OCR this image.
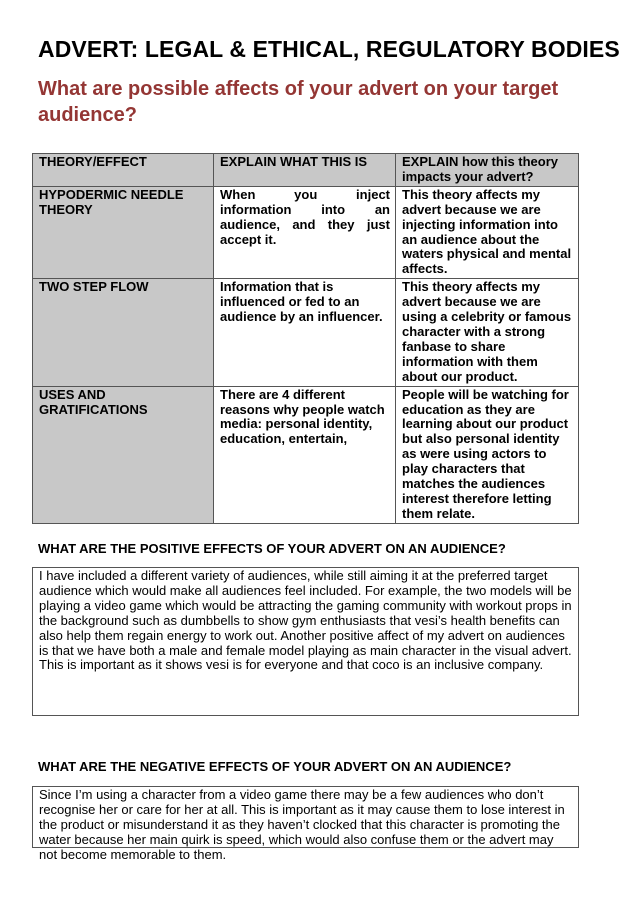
ADVERT: LEGAL & ETHICAL, REGULATORY BODIES
What are possible affects of your advert on your target audience?
THEORY/EFFECT	EXPLAIN WHAT THIS IS	EXPLAIN how this theory impacts your advert?
HYPODERMIC NEEDLE THEORY	When you inject information into an audience, and they just accept it.	This theory affects my advert because we are injecting information into an audience about the waters physical and mental affects.
TWO STEP FLOW	Information that is influenced or fed to an audience by an influencer.	This theory affects my advert because we are using a celebrity or famous character with a strong fanbase to share information with them about our product.
USES AND GRATIFICATIONS	There are 4 different reasons why people watch media: personal identity, education, entertain,	People will be watching for education as they are learning about our product but also personal identity as were using actors to play characters that matches the audiences interest therefore letting them relate.
WHAT ARE THE POSITIVE EFFECTS OF YOUR ADVERT ON AN AUDIENCE?
I have included a different variety of audiences, while still aiming it at the preferred target audience which would make all audiences feel included. For example, the two models will be playing a video game which would be attracting the gaming community with workout props in the background such as dumbbells to show gym enthusiasts that vesi’s health benefits can also help them regain energy to work out. Another positive affect of my advert on audiences is that we have both a male and female model playing as main character in the visual advert. This is important as it shows vesi is for everyone and that coco is an inclusive company.
WHAT ARE THE NEGATIVE EFFECTS OF YOUR ADVERT ON AN AUDIENCE?
Since I’m using a character from a video game there may be a few audiences who don’t recognise her or care for her at all. This is important as it may cause them to lose interest in the product or misunderstand it as they haven’t clocked that this character is promoting the water because her main quirk is speed, which would also confuse them or the advert may not become memorable to them.
